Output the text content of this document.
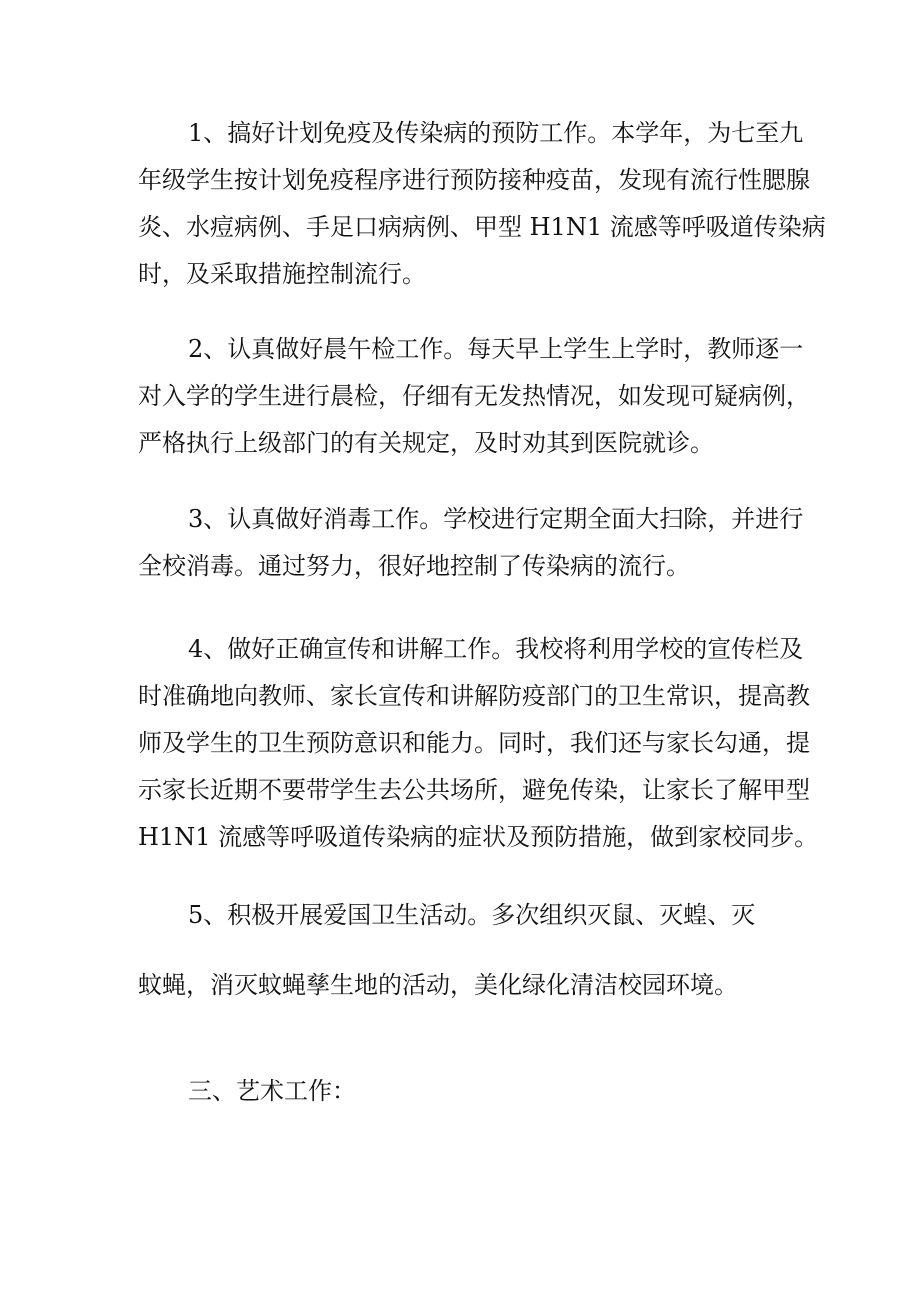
1、搞好计划免疫及传染病的预防工作。本学年，为七至九
年级学生按计划免疫程序进行预防接种疫苗，发现有流行性腮腺
炎、水痘病例、手足口病病例、甲型 H1N1 流感等呼吸道传染病
时，及采取措施控制流行。
2、认真做好晨午检工作。每天早上学生上学时，教师逐一
对入学的学生进行晨检，仔细有无发热情况，如发现可疑病例，
严格执行上级部门的有关规定，及时劝其到医院就诊。
3、认真做好消毒工作。学校进行定期全面大扫除，并进行
全校消毒。通过努力，很好地控制了传染病的流行。
4、做好正确宣传和讲解工作。我校将利用学校的宣传栏及
时准确地向教师、家长宣传和讲解防疫部门的卫生常识，提高教
师及学生的卫生预防意识和能力。同时，我们还与家长勾通，提
示家长近期不要带学生去公共场所，避免传染，让家长了解甲型
H1N1 流感等呼吸道传染病的症状及预防措施，做到家校同步。
5、积极开展爱国卫生活动。多次组织灭鼠、灭蝗、灭
蚊蝇，消灭蚊蝇孳生地的活动，美化绿化清洁校园环境。
三、艺术工作：
